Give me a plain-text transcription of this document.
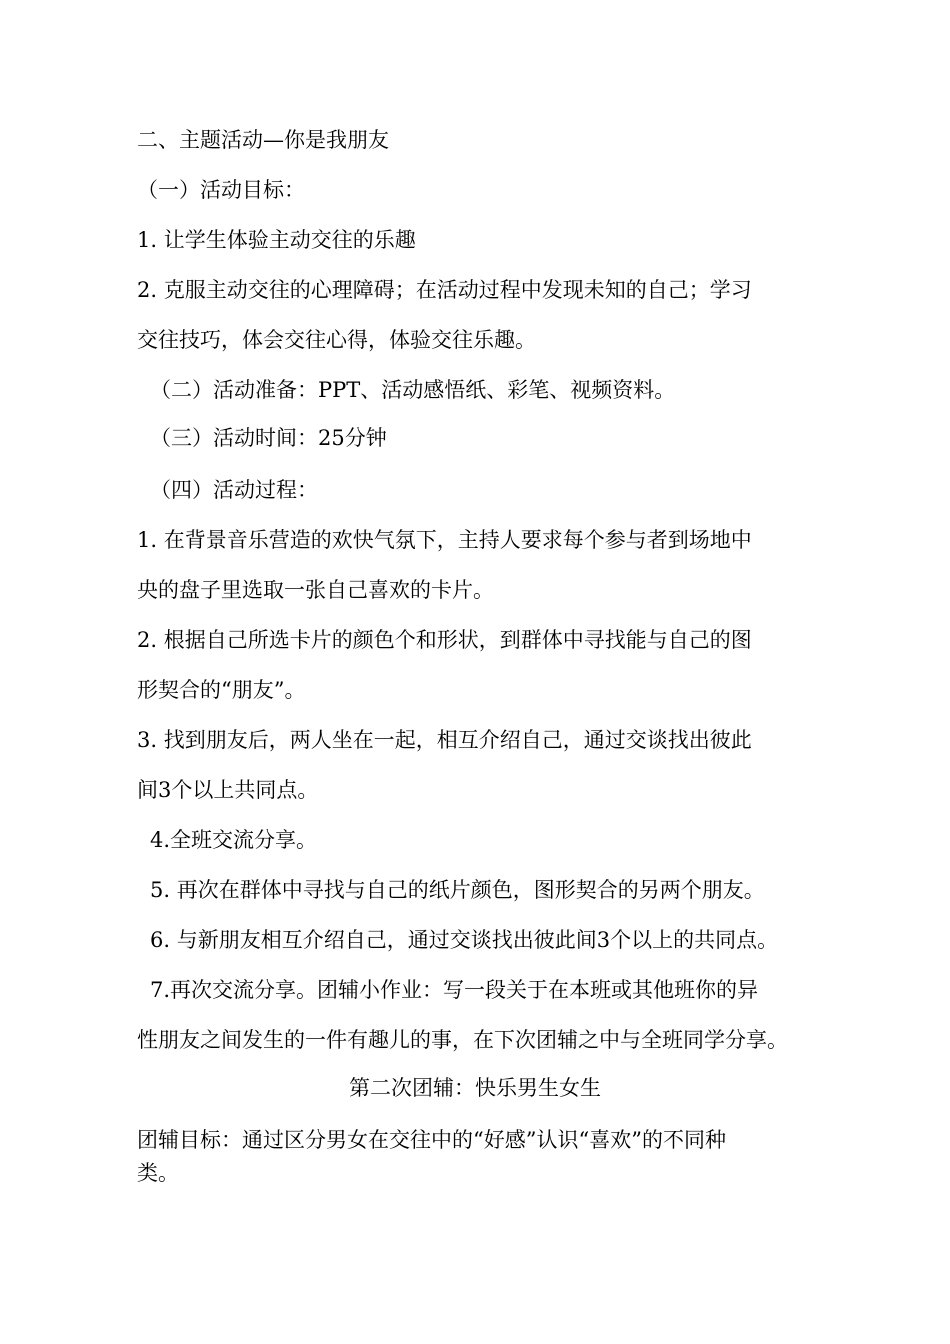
二、主题活动—你是我朋友
（一）活动目标：
1. 让学生体验主动交往的乐趣
2. 克服主动交往的心理障碍；在活动过程中发现未知的自己；学习
交往技巧，体会交往心得，体验交往乐趣。
（二）活动准备：PPT、活动感悟纸、彩笔、视频资料。
（三）活动时间：25分钟
（四）活动过程：
1. 在背景音乐营造的欢快气氛下，主持人要求每个参与者到场地中
央的盘子里选取一张自己喜欢的卡片。
2. 根据自己所选卡片的颜色个和形状，到群体中寻找能与自己的图
形契合的“朋友”。
3. 找到朋友后，两人坐在一起，相互介绍自己，通过交谈找出彼此
间3个以上共同点。
4.全班交流分享。
5. 再次在群体中寻找与自己的纸片颜色，图形契合的另两个朋友。
6. 与新朋友相互介绍自己，通过交谈找出彼此间3个以上的共同点。
7.再次交流分享。团辅小作业：写一段关于在本班或其他班你的异
性朋友之间发生的一件有趣儿的事，在下次团辅之中与全班同学分享。
第二次团辅：快乐男生女生
团辅目标：通过区分男女在交往中的“好感”认识“喜欢”的不同种
类。
